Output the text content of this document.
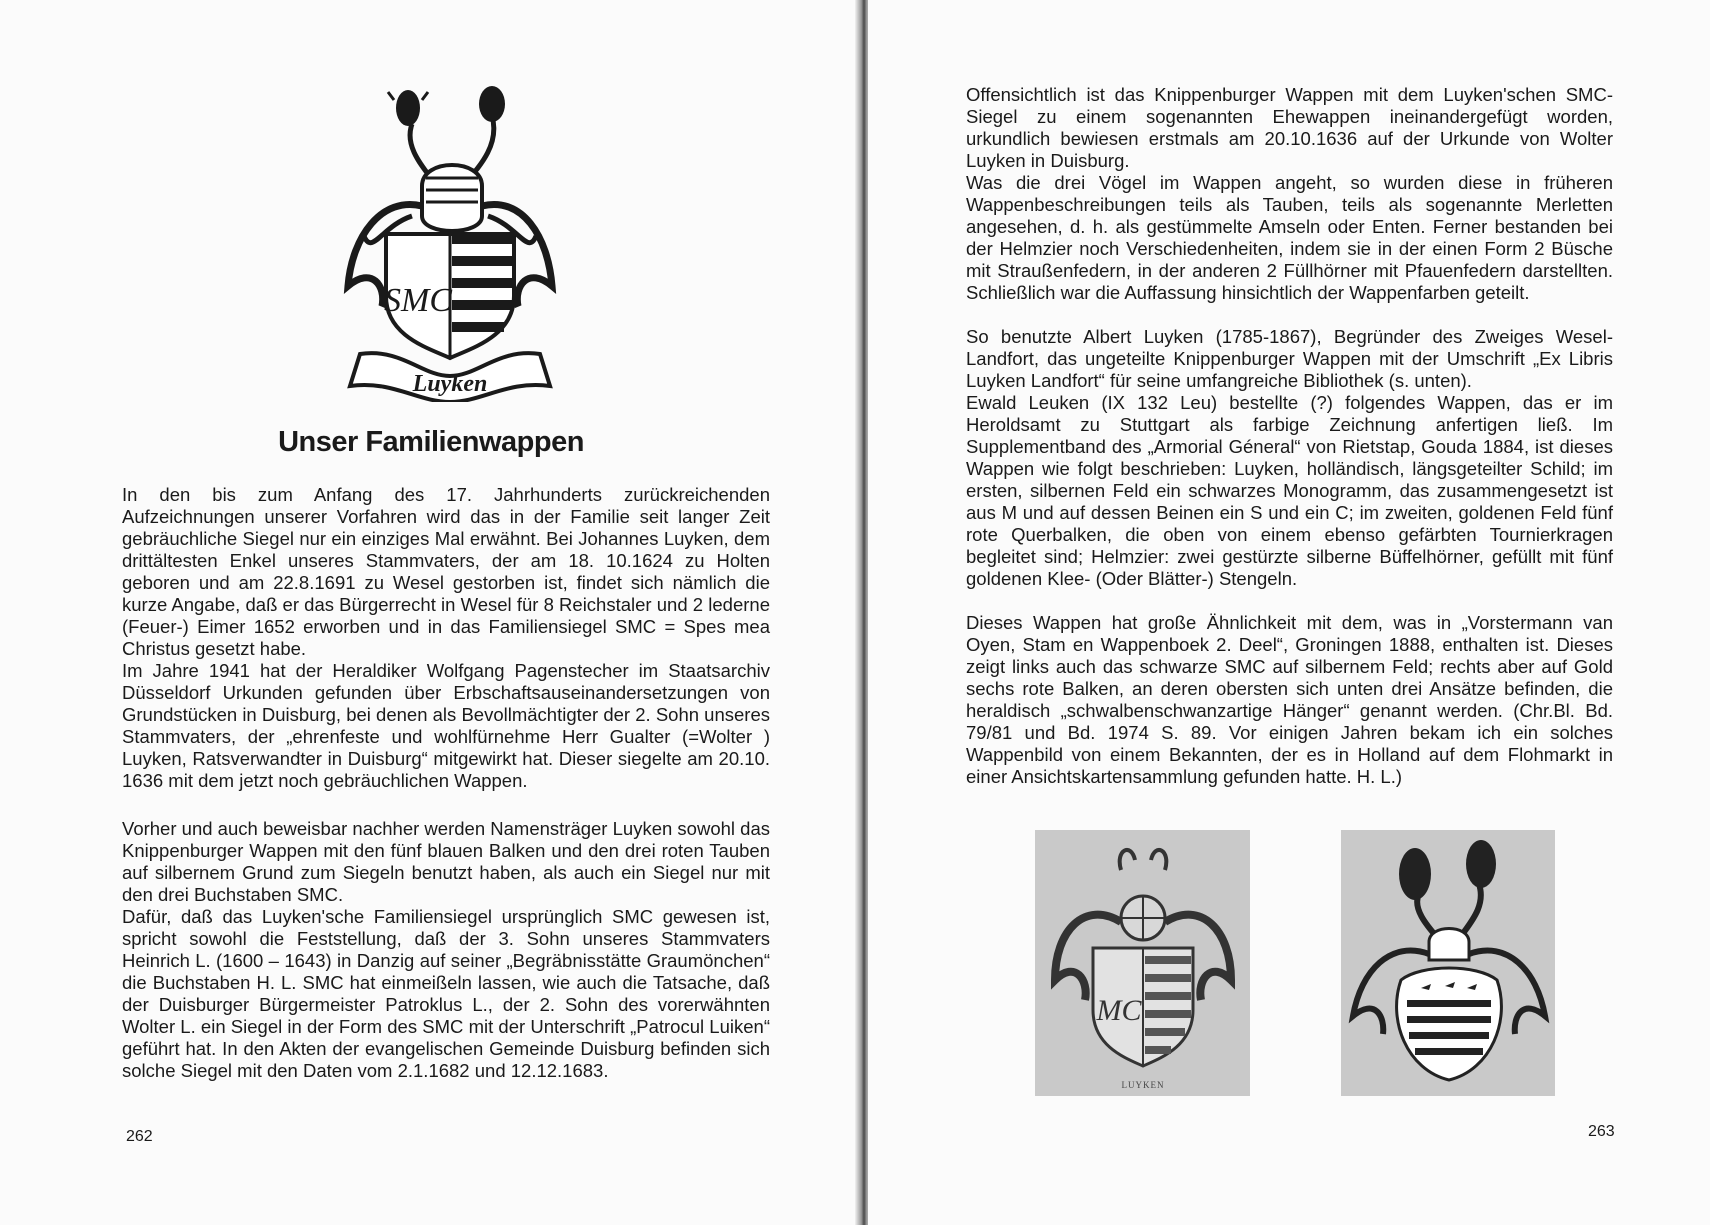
SMC
Luyken
Unser Familienwappen

In den bis zum Anfang des 17. Jahrhunderts zurückreichenden Aufzeichnungen unserer Vorfahren wird das in der Familie seit langer Zeit gebräuchliche Siegel nur ein einziges Mal erwähnt. Bei Johannes Luyken, dem drittältesten Enkel unseres Stammvaters, der am 18. 10.1624 zu Holten geboren und am 22.8.1691 zu Wesel gestorben ist, findet sich nämlich die kurze Angabe, daß er das Bürgerrecht in Wesel für 8 Reichstaler und 2 lederne (Feuer-) Eimer 1652 erworben und in das Familiensiegel SMC = Spes mea Christus gesetzt habe.

Im Jahre 1941 hat der Heraldiker Wolfgang Pagenstecher im Staatsarchiv Düsseldorf Urkunden gefunden über Erbschaftsauseinandersetzungen von Grundstücken in Duisburg, bei denen als Bevollmächtigter der 2. Sohn unseres Stammvaters, der „ehrenfeste und wohlfürnehme Herr Gualter (=Wolter ) Luyken, Ratsverwandter in Duisburg“ mitgewirkt hat. Dieser siegelte am 20.10. 1636 mit dem jetzt noch gebräuchlichen Wappen.

Vorher und auch beweisbar nachher werden Namensträger Luyken sowohl das Knippenburger Wappen mit den fünf blauen Balken und den drei roten Tauben auf silbernem Grund zum Siegeln benutzt haben, als auch ein Siegel nur mit den drei Buchstaben SMC.

Dafür, daß das Luyken'sche Familiensiegel ursprünglich SMC gewesen ist, spricht sowohl die Feststellung, daß der 3. Sohn unseres Stammvaters Heinrich L. (1600 – 1643) in Danzig auf seiner „Begräbnisstätte Graumönchen“ die Buchstaben H. L. SMC hat einmeißeln lassen, wie auch die Tatsache, daß der Duisburger Bürgermeister Patroklus L., der 2. Sohn des vorerwähnten Wolter L. ein Siegel in der Form des SMC mit der Unterschrift „Patrocul Luiken“ geführt hat. In den Akten der evangelischen Gemeinde Duisburg befinden sich solche Siegel mit den Daten vom 2.1.1682 und 12.12.1683.

262

Offensichtlich ist das Knippenburger Wappen mit dem Luyken'schen SMC-Siegel zu einem sogenannten Ehewappen ineinandergefügt worden, urkundlich bewiesen erstmals am 20.10.1636 auf der Urkunde von Wolter Luyken in Duisburg.

Was die drei Vögel im Wappen angeht, so wurden diese in früheren Wappenbeschreibungen teils als Tauben, teils als sogenannte Merletten angesehen, d. h. als gestümmelte Amseln oder Enten. Ferner bestanden bei der Helmzier noch Verschiedenheiten, indem sie in der einen Form 2 Büsche mit Straußenfedern, in der anderen 2 Füllhörner mit Pfauenfedern darstellten. Schließlich war die Auffassung hinsichtlich der Wappenfarben geteilt.

So benutzte Albert Luyken (1785-1867), Begründer des Zweiges Wesel-Landfort, das ungeteilte Knippenburger Wappen mit der Umschrift „Ex Libris Luyken Landfort“ für seine umfangreiche Bibliothek (s. unten).

Ewald Leuken (IX 132 Leu) bestellte (?) folgendes Wappen, das er im Heroldsamt zu Stuttgart als farbige Zeichnung anfertigen ließ. Im Supplementband des „Armorial Géneral“ von Rietstap, Gouda 1884, ist dieses Wappen wie folgt beschrieben: Luyken, holländisch, längsgeteilter Schild; im ersten, silbernen Feld ein schwarzes Monogramm, das zusammengesetzt ist aus M und auf dessen Beinen ein S und ein C; im zweiten, goldenen Feld fünf rote Querbalken, die oben von einem ebenso gefärbten Tournierkragen begleitet sind; Helmzier: zwei gestürzte silberne Büffelhörner, gefüllt mit fünf goldenen Klee- (Oder Blätter-) Stengeln.

Dieses Wappen hat große Ähnlichkeit mit dem, was in „Vorstermann van Oyen, Stam en Wappenboek 2. Deel“, Groningen 1888, enthalten ist. Dieses zeigt links auch das schwarze SMC auf silbernem Feld; rechts aber auf Gold sechs rote Balken, an deren obersten sich unten drei Ansätze befinden, die heraldisch „schwalbenschwanzartige Hänger“ genannt werden. (Chr.Bl. Bd. 79/81 und Bd. 1974 S. 89. Vor einigen Jahren bekam ich ein solches Wappenbild von einem Bekannten, der es in Holland auf dem Flohmarkt in einer Ansichtskartensammlung gefunden hatte. H. L.)

MC
LUYKEN
263
